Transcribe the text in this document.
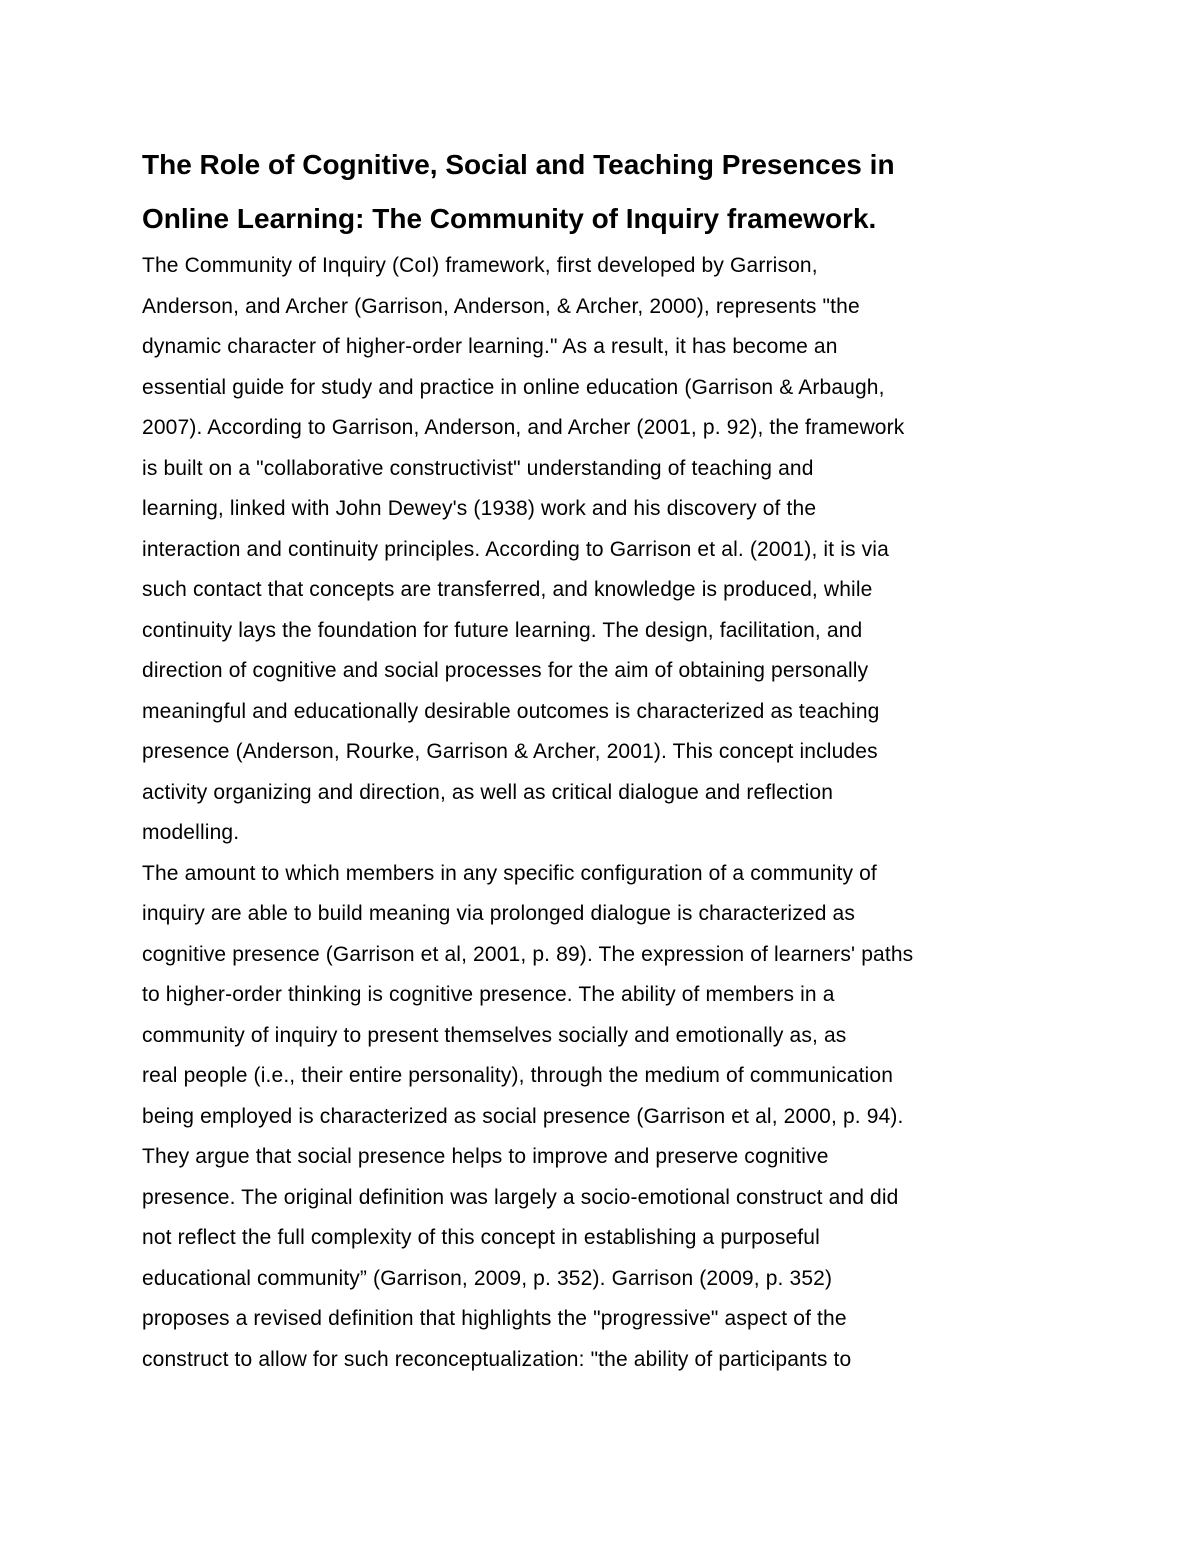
The Role of Cognitive, Social and Teaching Presences in
Online Learning: The Community of Inquiry framework.

The Community of Inquiry (CoI) framework, first developed by Garrison,
Anderson, and Archer (Garrison, Anderson, & Archer, 2000), represents "the
dynamic character of higher-order learning." As a result, it has become an
essential guide for study and practice in online education (Garrison & Arbaugh,
2007). According to Garrison, Anderson, and Archer (2001, p. 92), the framework
is built on a "collaborative constructivist" understanding of teaching and
learning, linked with John Dewey's (1938) work and his discovery of the
interaction and continuity principles. According to Garrison et al. (2001), it is via
such contact that concepts are transferred, and knowledge is produced, while
continuity lays the foundation for future learning. The design, facilitation, and
direction of cognitive and social processes for the aim of obtaining personally
meaningful and educationally desirable outcomes is characterized as teaching
presence (Anderson, Rourke, Garrison & Archer, 2001). This concept includes
activity organizing and direction, as well as critical dialogue and reflection
modelling.

The amount to which members in any specific configuration of a community of
inquiry are able to build meaning via prolonged dialogue is characterized as
cognitive presence (Garrison et al, 2001, p. 89). The expression of learners' paths
to higher-order thinking is cognitive presence. The ability of members in a
community of inquiry to present themselves socially and emotionally as, as
real people (i.e., their entire personality), through the medium of communication
being employed is characterized as social presence (Garrison et al, 2000, p. 94).
They argue that social presence helps to improve and preserve cognitive
presence. The original definition was largely a socio-emotional construct and did
not reflect the full complexity of this concept in establishing a purposeful
educational community” (Garrison, 2009, p. 352). Garrison (2009, p. 352)
proposes a revised definition that highlights the "progressive" aspect of the
construct to allow for such reconceptualization: "the ability of participants to
